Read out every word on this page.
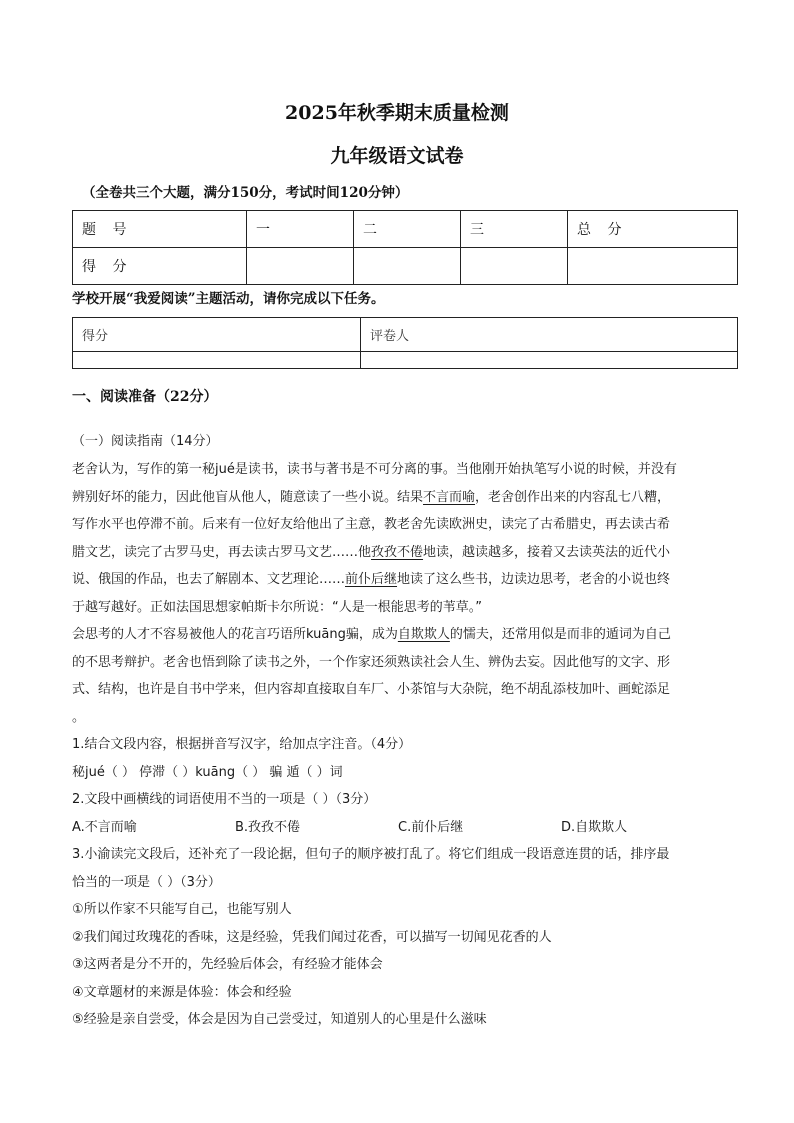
2025年秋季期末质量检测
九年级语文试卷
（全卷共三个大题，满分150分，考试时间120分钟）
题 号	一	二	三	总 分
得 分				
学校开展“我爱阅读”主题活动，请你完成以下任务。
得分	评卷人

一、阅读准备（22分）
（一）阅读指南（14分）
老舍认为，写作的第一秘jué是读书，读书与著书是不可分离的事。当他刚开始执笔写小说的时候，并没有
辨别好坏的能力，因此他盲从他人，随意读了一些小说。结果不言而喻，老舍创作出来的内容乱七八糟，
写作水平也停滞不前。后来有一位好友给他出了主意，教老舍先读欧洲史，读完了古希腊史，再去读古希
腊文艺，读完了古罗马史，再去读古罗马文艺……他孜孜不倦地读，越读越多，接着又去读英法的近代小
说、俄国的作品，也去了解剧本、文艺理论……前仆后继地读了这么些书，边读边思考，老舍的小说也终
于越写越好。正如法国思想家帕斯卡尔所说：“人是一根能思考的苇草。”
会思考的人才不容易被他人的花言巧语所kuāng骗，成为自欺欺人的懦夫，还常用似是而非的遁词为自己
的不思考辩护。老舍也悟到除了读书之外，一个作家还须熟读社会人生、辨伪去妄。因此他写的文字、形
式、结构，也许是自书中学来，但内容却直接取自车厂、小茶馆与大杂院，绝不胡乱添枝加叶、画蛇添足
。
1.结合文段内容，根据拼音写汉字，给加点字注音。（4分）
秘jué（ ） 停滞（ ）kuāng（ ） 骗 遁（ ）词
2.文段中画横线的词语使用不当的一项是（ ）（3分）
A.不言而喻	B.孜孜不倦	C.前仆后继	D.自欺欺人
3.小渝读完文段后，还补充了一段论据，但句子的顺序被打乱了。将它们组成一段语意连贯的话，排序最
恰当的一项是（ ）（3分）
①所以作家不只能写自己，也能写别人
②我们闻过玫瑰花的香味，这是经验，凭我们闻过花香，可以描写一切闻见花香的人
③这两者是分不开的，先经验后体会，有经验才能体会
④文章题材的来源是体验：体会和经验
⑤经验是亲自尝受，体会是因为自己尝受过，知道别人的心里是什么滋味
